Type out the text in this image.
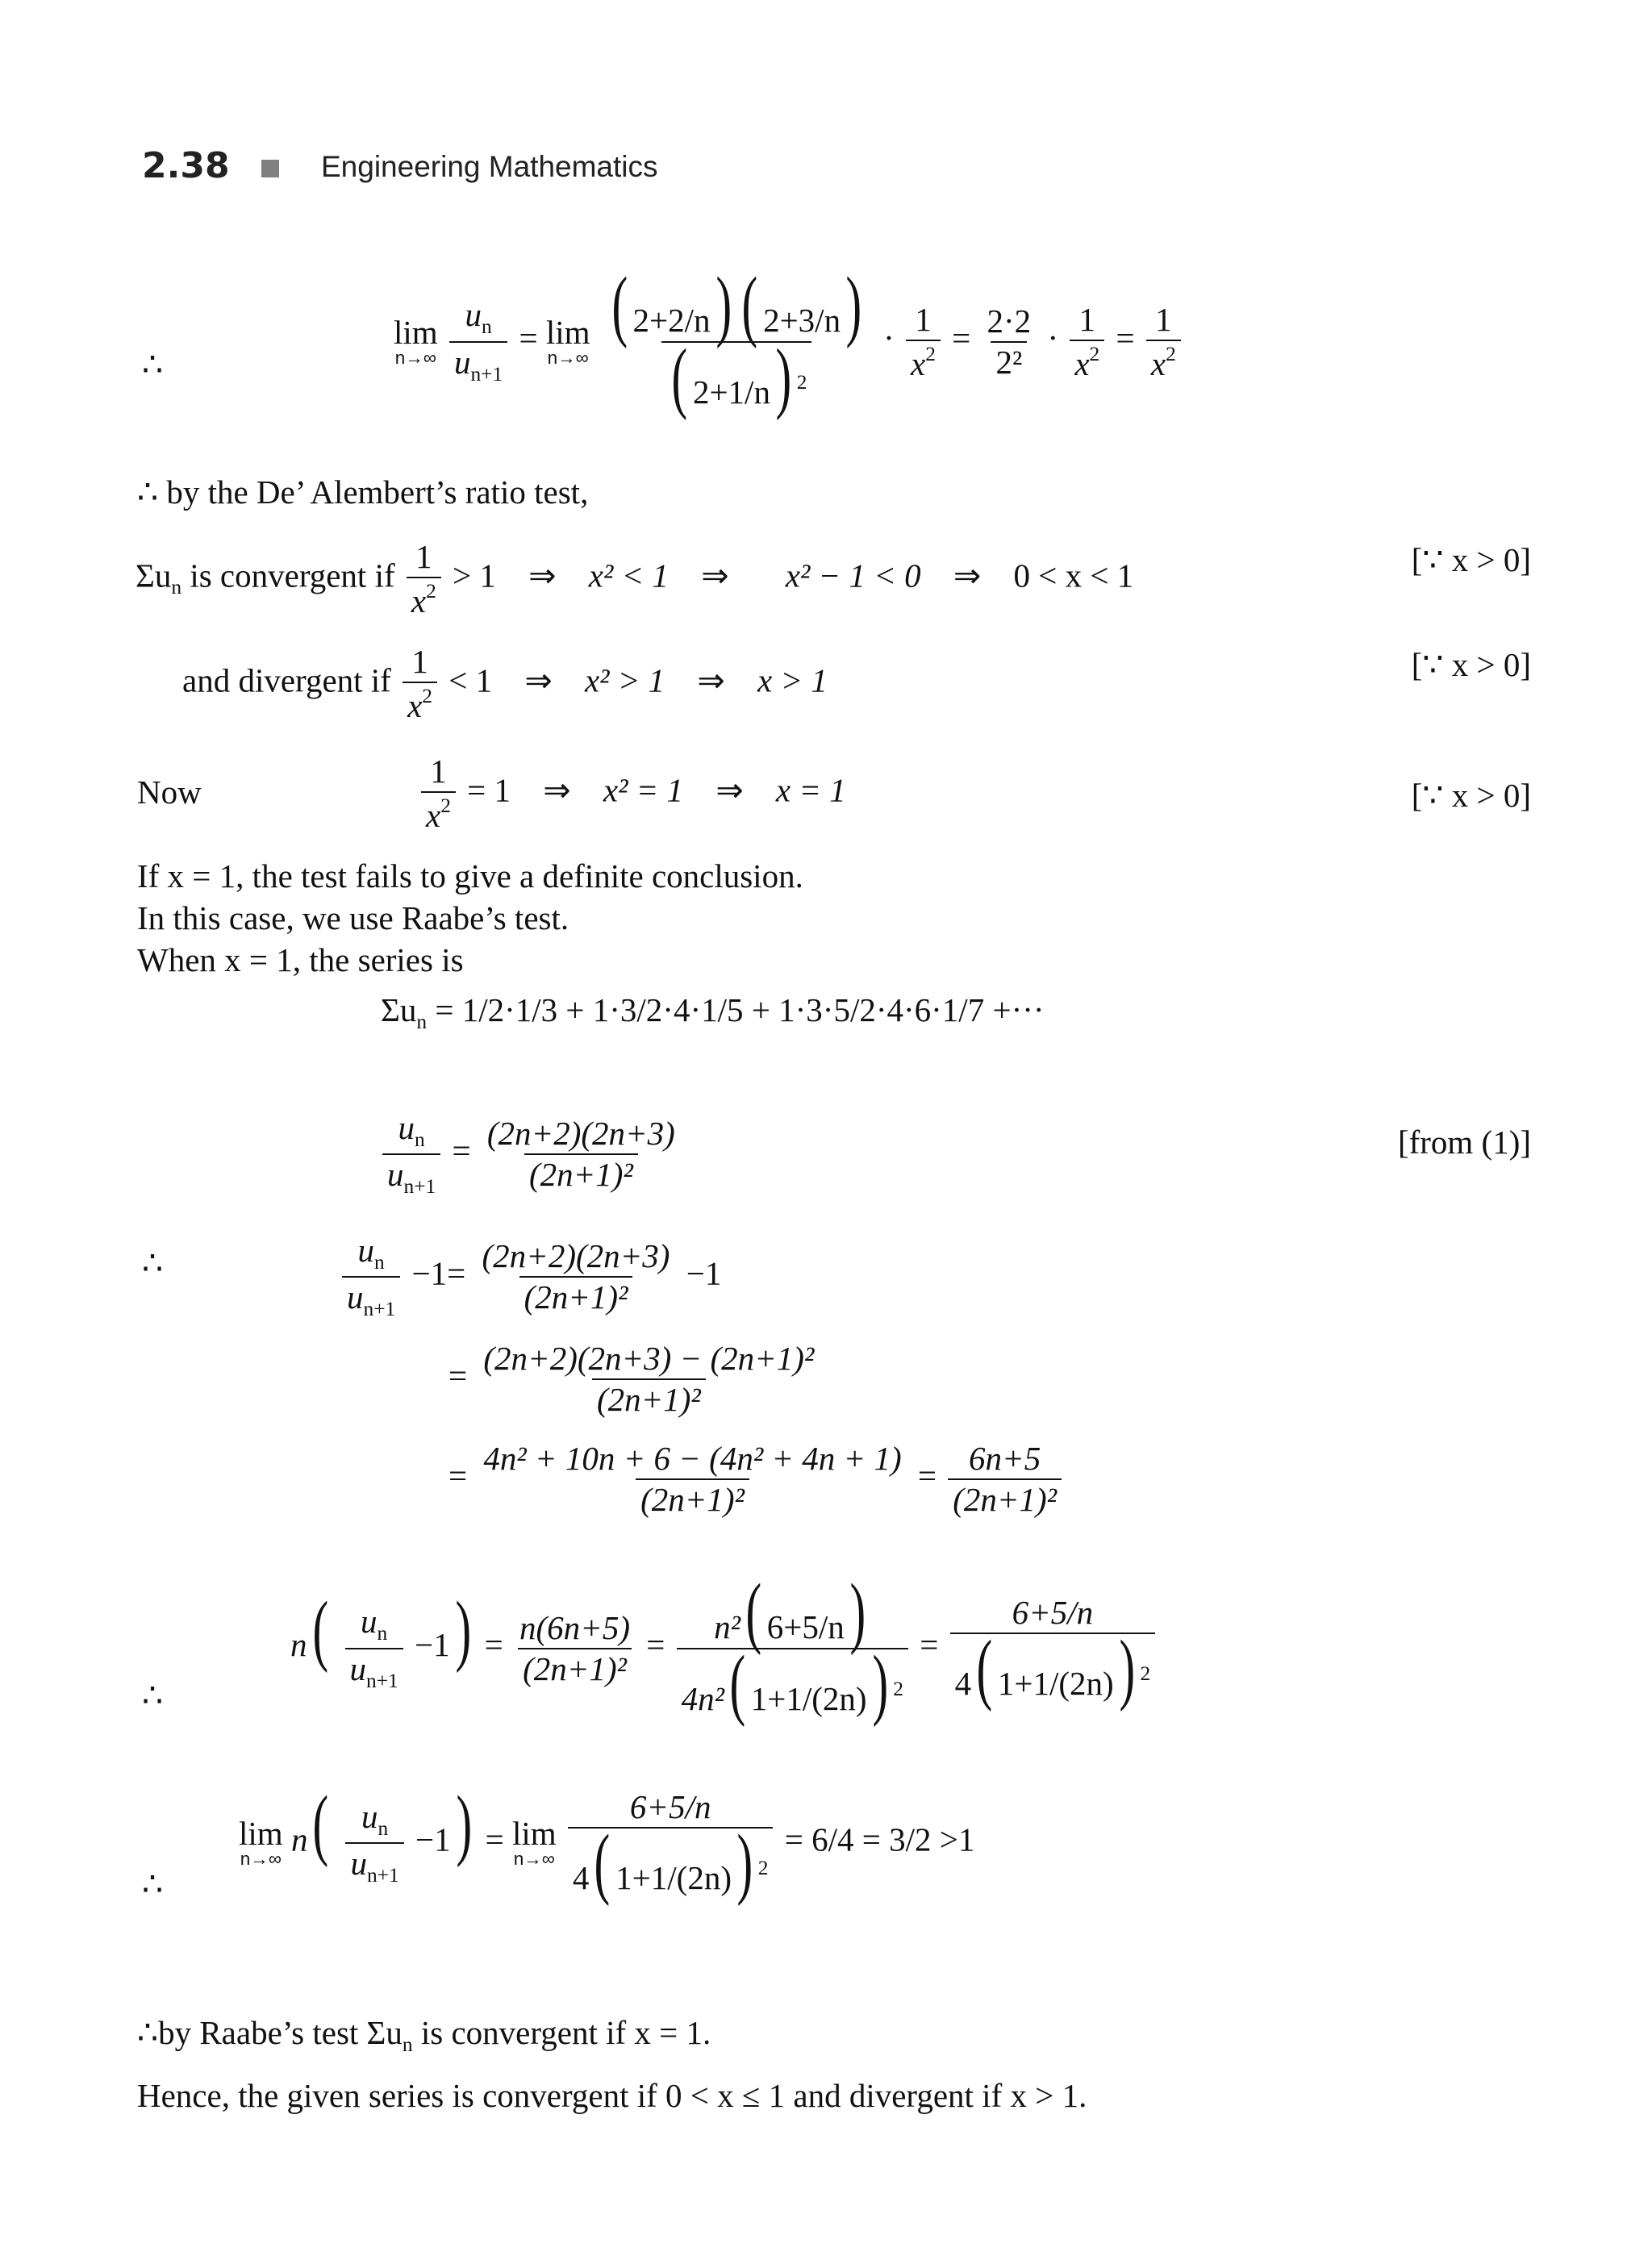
2.38	Engineering Mathematics
∴
lim
n→∞
$\frac{u_n}{u_{n+1}} = \lim$
n→∞
$\frac{( 2+2/n) ( 2+3/n)}{( 2+1/n) ^2} \cdot \frac{1}{x^2} = \frac{2\cdot 2}{\text{2²}} \cdot \frac{1}{x^2} = \frac{1}{x^2}$
∴ by the De’ Alembert’s ratio test,
$\Sigma u_n$ is convergent if $\frac{1}{x^2} > 1$ ⇒ x² < 1 ⇒ x² − 1 < 0 ⇒ 0 < x < 1	[∵ x > 0]
and divergent if $\frac{1}{x^2} < 1$ ⇒ x² > 1 ⇒ x > 1	[∵ x > 0]
Now	$\frac{1}{x^2} = 1$ ⇒ x² = 1 ⇒ x = 1	[∵ x > 0]
If x = 1, the test fails to give a definite conclusion.
In this case, we use Raabe’s test.
When x = 1, the series is
$\Sigma u_n = 1/2\cdot 1/3 + 1\cdot 3/2\cdot 4\cdot 1/5 + 1\cdot 3\cdot 5/2\cdot 4\cdot 6\cdot 1/7$ +···
$\frac{u_n}{u_{n+1}} = \frac{(2n+2)(2n+3)}{\text{(2n+1)²}}$	[from (1)]
∴	$\frac{u_n}{u_{n+1}} -1= \frac{(2n+2)(2n+3)}{\text{(2n+1)²}} -1$
= $\frac{\text{(2n+2)(2n+3) − (2n+1)²}}{\text{(2n+1)²}}$
= $\frac{\text{4n² + 10n + 6 − (4n² + 4n + 1)}}{\text{(2n+1)²}} = \frac{6n+5}{\text{(2n+1)²}}$
∴
$n( \frac{u_n}{u_{n+1}} -1) = \frac{n(6n+5)}{\text{(2n+1)²}} = \frac{\text{n²( 6+5/n)}}{4n^2( 1+1/(2n)) ^2} = \frac{6+5/n}{4( 1+1/(2n)) ^2}$
∴
lim
n→∞
$n( \frac{u_n}{u_{n+1}} -1) = \lim$
n→∞
$\frac{6+5/n}{4( 1+1/(2n)) ^2} = 6/4 = 3/2 >1$
∴by Raabe’s test $\Sigma u_n$ is convergent if x = 1.
Hence, the given series is convergent if 0 < x ≤ 1 and divergent if x > 1.
